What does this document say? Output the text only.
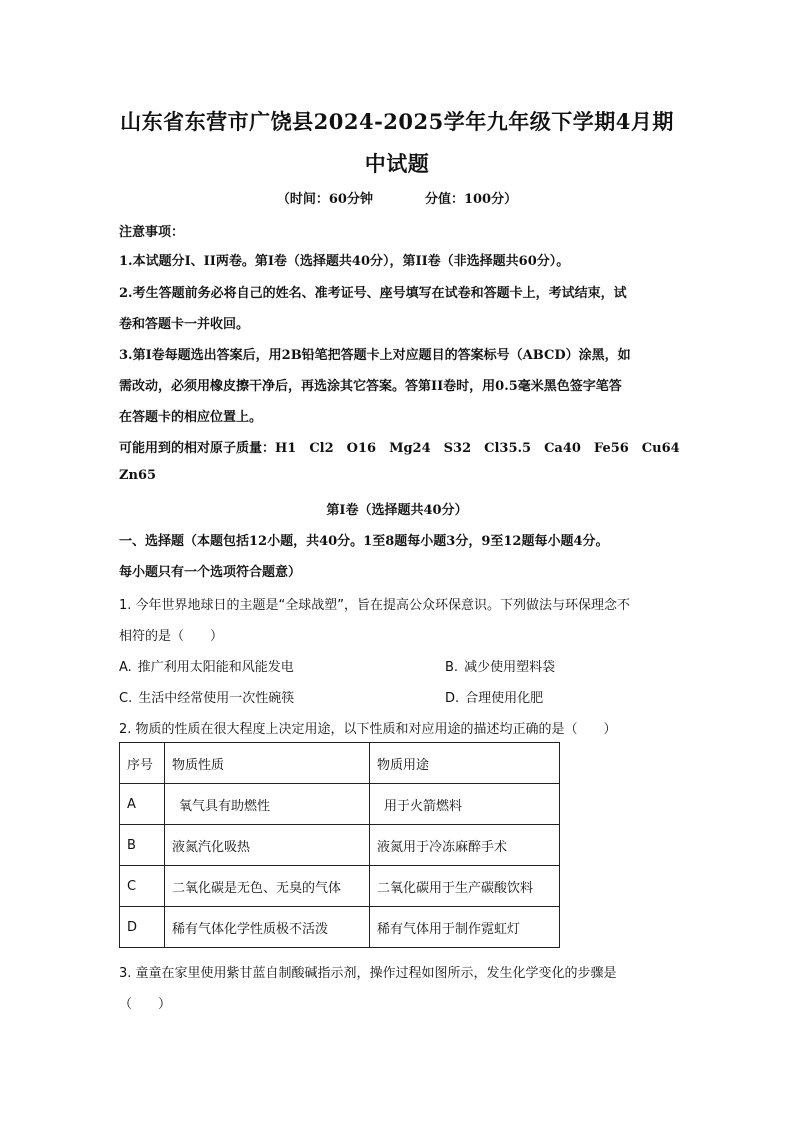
山东省东营市广饶县2024-2025学年九年级下学期4月期
中试题

（时间：60分钟　　　　分值：100分）

注意事项：

1.本试题分I、II两卷。第I卷（选择题共40分），第II卷（非选择题共60分）。

2.考生答题前务必将自己的姓名、准考证号、座号填写在试卷和答题卡上，考试结束，试

卷和答题卡一并收回。

3.第I卷每题选出答案后，用2B铅笔把答题卡上对应题目的答案标号（ABCD）涂黑，如

需改动，必须用橡皮擦干净后，再选涂其它答案。答第II卷时，用0.5毫米黑色签字笔答

在答题卡的相应位置上。

可能用到的相对原子质量：H1　Cl2　O16　Mg24　S32　Cl35.5　Ca40　Fe56　Cu64

Zn65

第I卷（选择题共40分）

一、选择题（本题包括12小题，共40分。1至8题每小题3分，9至12题每小题4分。

每小题只有一个选项符合题意）

1. 今年世界地球日的主题是“全球战塑”，旨在提高公众环保意识。下列做法与环保理念不

相符的是（　　）

A. 推广利用太阳能和风能发电	B. 减少使用塑料袋
C. 生活中经常使用一次性碗筷	D. 合理使用化肥

2. 物质的性质在很大程度上决定用途，以下性质和对应用途的描述均正确的是（　　）

序号	物质性质	物质用途
A	氧气具有助燃性	用于火箭燃料
B	液氮汽化吸热	液氮用于冷冻麻醉手术
C	二氧化碳是无色、无臭的气体	二氧化碳用于生产碳酸饮料
D	稀有气体化学性质极不活泼	稀有气体用于制作霓虹灯

3. 童童在家里使用紫甘蓝自制酸碱指示剂，操作过程如图所示，发生化学变化的步骤是

（　　）
